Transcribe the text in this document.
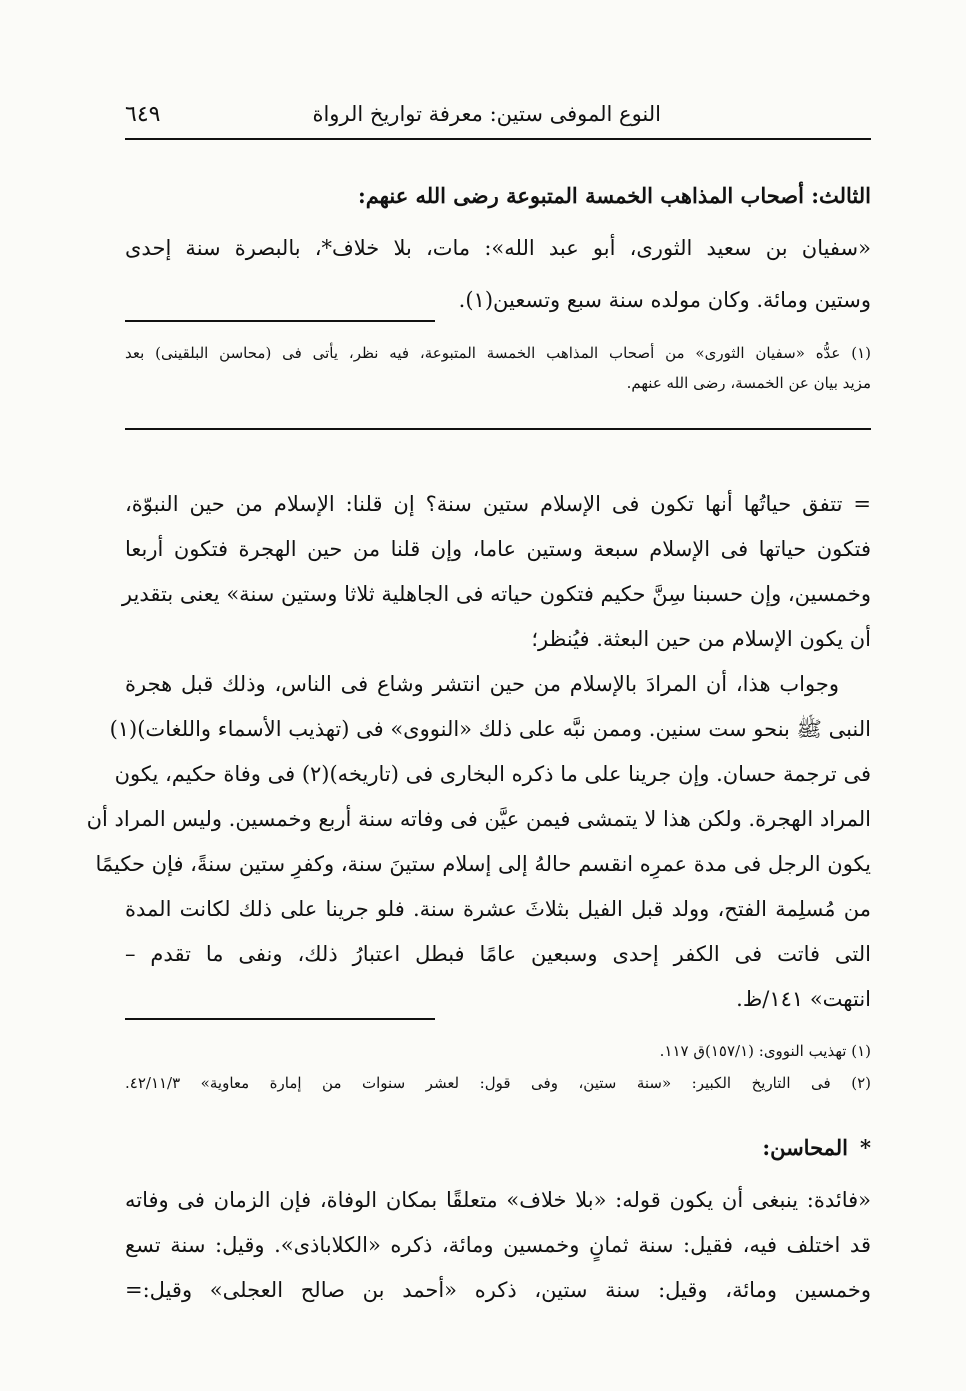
النوع الموفى ستين: معرفة تواريخ الرواة
٦٤٩
الثالث: أصحاب المذاهب الخمسة المتبوعة رضى الله عنهم:
«سفيان بن سعيد الثورى، أبو عبد الله»: مات، بلا خلاف*، بالبصرة سنة إحدى
وستين ومائة. وكان مولده سنة سبع وتسعين(١).
(١) عدُّه «سفيان الثورى» من أصحاب المذاهب الخمسة المتبوعة، فيه نظر، يأتى فى (محاسن البلقينى) بعد
مزيد بيان عن الخمسة، رضى الله عنهم.
= تتفق حياتُها أنها تكون فى الإسلام ستين سنة؟ إن قلنا: الإسلام من حين النبوّة،
فتكون حياتها فى الإسلام سبعة وستين عاما، وإن قلنا من حين الهجرة فتكون أربعا
وخمسين، وإن حسبنا سِنَّ حكيم فتكون حياته فى الجاهلية ثلاثا وستين سنة» يعنى بتقدير
أن يكون الإسلام من حين البعثة. فيُنظر؛
وجواب هذا، أن المرادَ بالإسلام من حين انتشر وشاع فى الناس، وذلك قبل هجرة
النبى ﷺ بنحو ست سنين. وممن نبَّه على ذلك «النووى» فى (تهذيب الأسماء واللغات)(١)
فى ترجمة حسان. وإن جرينا على ما ذكره البخارى فى (تاريخه)(٢) فى وفاة حكيم، يكون
المراد الهجرة. ولكن هذا لا يتمشى فيمن عيَّن فى وفاته سنة أربع وخمسين. وليس المراد أن
يكون الرجل فى مدة عمرِه انقسم حالهُ إلى إسلام ستينَ سنة، وكفرِ ستين سنةً، فإن حكيمًا
من مُسلِمة الفتح، وولد قبل الفيل بثلاثَ عشرة سنة. فلو جرينا على ذلك لكانت المدة
التى فاتت فى الكفر إحدى وسبعين عامًا فبطل اعتبارُ ذلك، ونفى ما تقدم –
انتهت» ١٤١/ظ.
(١) تهذيب النووى: (١٥٧/١)ق ١١٧.
(٢) فى التاريخ الكبير: «سنة ستين، وفى قول: لعشر سنوات من إمارة معاوية» ٤٢/١١/٣.
*المحاسن:
«فائدة: ينبغى أن يكون قوله: «بلا خلاف» متعلقًا بمكان الوفاة، فإن الزمان فى وفاته
قد اختلف فيه، فقيل: سنة ثمانٍ وخمسين ومائة، ذكره «الكلاباذى». وقيل: سنة تسع
وخمسين ومائة، وقيل: سنة ستين، ذكره «أحمد بن صالح العجلى» وقيل:=
